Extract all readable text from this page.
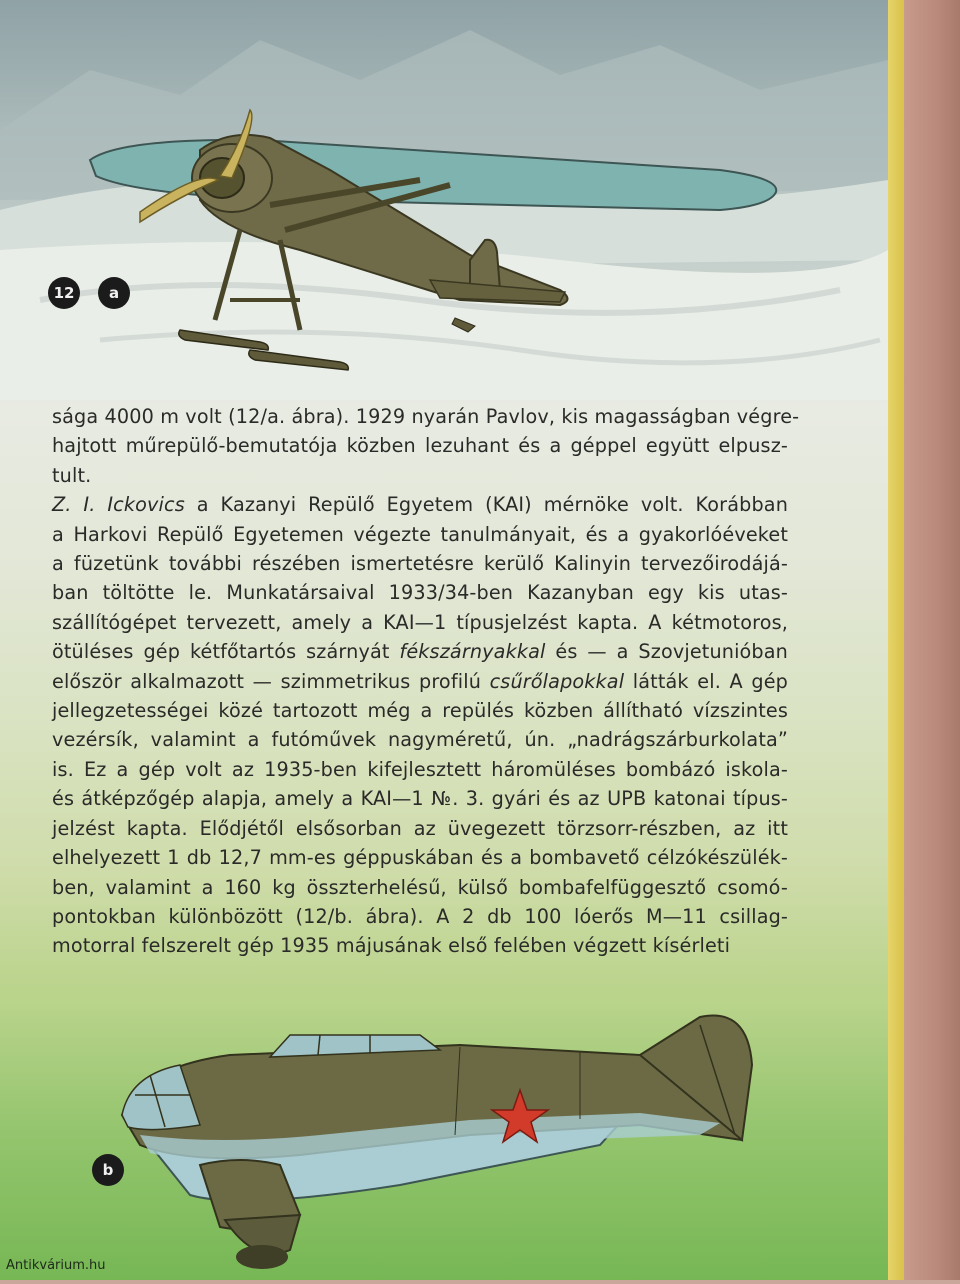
12 a
sága 4000 m volt (12/a. ábra). 1929 nyarán Pavlov, kis magasságban végre-
hajtott műrepülő-bemutatója közben lezuhant és a géppel együtt elpusz-
tult.
Z. I. Ickovics a Kazanyi Repülő Egyetem (KAI) mérnöke volt. Korábban
a Harkovi Repülő Egyetemen végezte tanulmányait, és a gyakorlóéveket
a füzetünk további részében ismertetésre kerülő Kalinyin tervezőirodájá-
ban töltötte le. Munkatársaival 1933/34-ben Kazanyban egy kis utas-
szállítógépet tervezett, amely a KAI—1 típusjelzést kapta. A kétmotoros,
ötüléses gép kétfőtartós szárnyát fékszárnyakkal és — a Szovjetunióban
először alkalmazott — szimmetrikus profilú csűrőlapokkal látták el. A gép
jellegzetességei közé tartozott még a repülés közben állítható vízszintes
vezérsík, valamint a futóművek nagyméretű, ún. „nadrágszárburkolata”
is. Ez a gép volt az 1935-ben kifejlesztett háromüléses bombázó iskola-
és átképzőgép alapja, amely a KAI—1 №. 3. gyári és az UPB katonai típus-
jelzést kapta. Elődjétől elsősorban az üvegezett törzsorr-részben, az itt
elhelyezett 1 db 12,7 mm-es géppuskában és a bombavető célzókészülék-
ben, valamint a 160 kg összterhelésű, külső bombafelfüggesztő csomó-
pontokban különbözött (12/b. ábra). A 2 db 100 lóerős M—11 csillag-
motorral felszerelt gép 1935 májusának első felében végzett kísérleti
b
Antikvárium.hu
